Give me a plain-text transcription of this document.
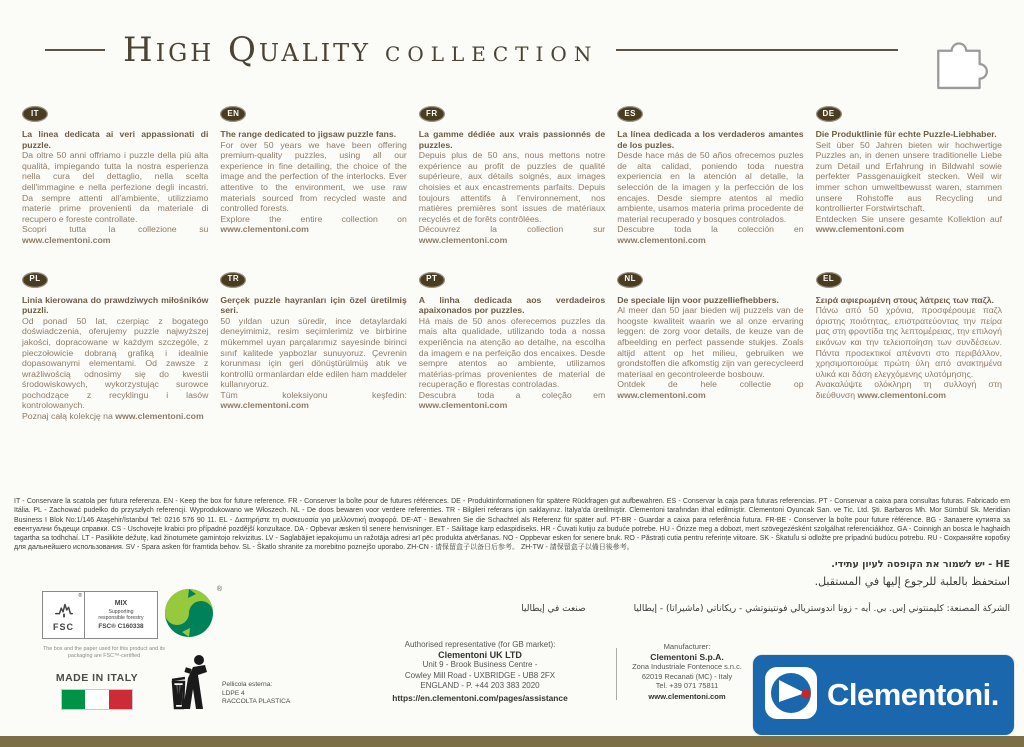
High Quality COLLECTION
IT
La linea dedicata ai veri appassionati di puzzle.
Da oltre 50 anni offriamo i puzzle della più alta qualità, impiegando tutta la nostra esperienza nella cura del dettaglio, nella scelta dell'immagine e nella perfezione degli incastri. Da sempre attenti all'ambiente, utilizziamo materie prime provenienti da materiale di recupero e foreste controllate.
Scopri tutta la collezione su www.clementoni.com
EN
The range dedicated to jigsaw puzzle fans.
For over 50 years we have been offering premium-quality puzzles, using all our experience in fine detailing, the choice of the image and the perfection of the interlocks. Ever attentive to the environment, we use raw materials sourced from recycled waste and controlled forests.
Explore the entire collection on www.clementoni.com
FR
La gamme dédiée aux vrais passionnés de puzzles.
Depuis plus de 50 ans, nous mettons notre expérience au profit de puzzles de qualité supérieure, aux détails soignés, aux images choisies et aux encastrements parfaits. Depuis toujours attentifs à l'environnement, nos matières premières sont issues de matériaux recyclés et de forêts contrôlées.
Découvrez la collection sur www.clementoni.com
ES
La línea dedicada a los verdaderos amantes de los puzles.
Desde hace más de 50 años ofrecemos puzles de alta calidad, poniendo toda nuestra experiencia en la atención al detalle, la selección de la imagen y la perfección de los encajes. Desde siempre atentos al medio ambiente, usamos materia prima procedente de material recuperado y bosques controlados.
Descubre toda la colección en www.clementoni.com
DE
Die Produktlinie für echte Puzzle-Liebhaber.
Seit über 50 Jahren bieten wir hochwertige Puzzles an, in denen unsere traditionelle Liebe zum Detail und Erfahrung in Bildwahl sowie perfekter Passgenauigkeit stecken. Weil wir immer schon umweltbewusst waren, stammen unsere Rohstoffe aus Recycling und kontrollierter Forstwirtschaft.
Entdecken Sie unsere gesamte Kollektion auf www.clementoni.com
PL
Linia kierowana do prawdziwych miłośników puzzli.
Od ponad 50 lat, czerpiąc z bogatego doświadczenia, oferujemy puzzle najwyższej jakości, dopracowane w każdym szczególe, z pieczołowicie dobraną grafiką i idealnie dopasowanymi elementami. Od zawsze z wrażliwością odnosimy się do kwestii środowiskowych, wykorzystując surowce pochodzące z recyklingu i lasów kontrolowanych.
Poznaj całą kolekcję na www.clementoni.com
TR
Gerçek puzzle hayranları için özel üretilmiş seri.
50 yıldan uzun süredir, ince detaylardaki deneyimimiz, resim seçimlerimiz ve birbirine mükemmel uyan parçalarımız sayesinde birinci sınıf kalitede yapbozlar sunuyoruz. Çevrenin korunması için geri dönüştürülmüş atık ve kontrollü ormanlardan elde edilen ham maddeler kullanıyoruz.
Tüm koleksiyonu keşfedin: www.clementoni.com
PT
A linha dedicada aos verdadeiros apaixonados por puzzles.
Há mais de 50 anos oferecemos puzzles da mais alta qualidade, utilizando toda a nossa experiência na atenção ao detalhe, na escolha da imagem e na perfeição dos encaixes. Desde sempre atentos ao ambiente, utilizamos matérias-primas provenientes de material de recuperação e florestas controladas.
Descubra toda a coleção em www.clementoni.com
NL
De speciale lijn voor puzzelliefhebbers.
Al meer dan 50 jaar bieden wij puzzels van de hoogste kwaliteit waarin we al onze ervaring leggen: de zorg voor details, de keuze van de afbeelding en perfect passende stukjes. Zoals altijd attent op het milieu, gebruiken we grondstoffen die afkomstig zijn van gerecycleerd materiaal en gecontroleerde bosbouw.
Ontdek de hele collectie op www.clementoni.com
EL
Σειρά αφιερωμένη στους λάτρεις των παζλ.
Πάνω από 50 χρόνια, προσφέρουμε παζλ άριστης ποιότητας, επιστρατεύοντας την πείρα μας στη φροντίδα της λεπτομέρειας, την επιλογή εικόνων και την τελειοποίηση των συνδέσεων. Πάντα προσεκτικοί απέναντι στο περιβάλλον, χρησιμοποιούμε πρώτη ύλη από ανακτημένα υλικά και δάση ελεγχόμενης υλοτόμησης.
Ανακαλύψτε ολόκληρη τη συλλογή στη διεύθυνση www.clementoni.com
IT - Conservare la scatola per futura referenza. EN - Keep the box for future reference. FR - Conserver la boîte pour de futures références. DE - Produktinformationen für spätere Rückfragen gut aufbewahren. ES - Conservar la caja para futuras referencias. PT - Conservar a caixa para consultas futuras. Fabricado em Itália. PL - Zachować pudełko do przyszłych referencji. Wyprodukowano we Włoszech. NL - De doos bewaren voor verdere referenties. TR - Bilgileri referans için saklayınız. İtalya'da üretilmiştir. Clementoni tarafından ithal edilmiştir. Clementoni Oyuncak San. ve Tic. Ltd. Şti. Barbaros Mh. Mor Sümbül Sk. Meridian Business I Blok No:1/146 Ataşehir/İstanbul Tel: 0216 576 90 11. EL - Διατηρήστε τη συσκευασία για μελλοντική αναφορά. DE-AT - Bewahren Sie die Schachtel als Referenz für später auf. PT-BR - Guardar a caixa para referência futura. FR-BE - Conserver la boîte pour future référence. BG - Запазете кутията за евентуални бъдещи справки. CS - Uschovejte krabici pro případné pozdější konzultace. DA - Opbevar æsken til senere henvisninger. ET - Säilitage karp edaspidiseks. HR - Čuvati kutiju za buduće potrebe. HU - Őrizze meg a dobozt, mert szövegezésként szolgálhat referenciákhoz. GA - Coinnigh an bosca le haghaidh tagartha sa todhchaí. LT - Pasilikite dėžutę, kad žinotumėte gamintojo rekvizitus. LV - Saglabājiet iepakojumu un ražotāja adresi arī pēc produkta atvēršanas. NO - Oppbevar esken for senere bruk. RO - Păstrați cutia pentru referințe viitoare. SK - Škatuľu si odložte pre prípadnú budúcu potrebu. RU - Сохраняйте коробку для дальнейшего использования. SV - Spara asken för framtida behov. SL - Škatlo shranite za morebitno poznejšo uporabo. ZH-CN - 请保留盒子以备日后参考。 ZH-TW - 請保留盒子以備日後參考。
HE - יש לשמור את הקופסה לעיון עתידי.
استحفظ بالعلبة للرجوع إليها في المستقبل.
الشركة المصنعة: كليمنتوني إس. بي. أيه - زونا اندوستريالي فونتينوتشي - ريكاناتي (ماشيراتا) - إيطالياصنعت في إيطاليا
®
FSC
MIX
Supporting
responsible forestry
FSC® C160338
The box and the paper used for this product and its packaging are FSC™-certified
®
MADE IN ITALY
Pellicola esterna:
LDPE 4
RACCOLTA PLASTICA
Authorised representative (for GB market):
Clementoni UK LTD
Unit 9 - Brook Business Centre -
Cowley Mill Road - UXBRIDGE - UB8 2FX
ENGLAND - P. +44 203 383 2020
https://en.clementoni.com/pages/assistance
Manufacturer:
Clementoni S.p.A.
Zona Industriale Fontenoce s.n.c.
62019 Recanati (MC) - Italy
Tel. +39 071 75811
www.clementoni.com	Clementoni.
